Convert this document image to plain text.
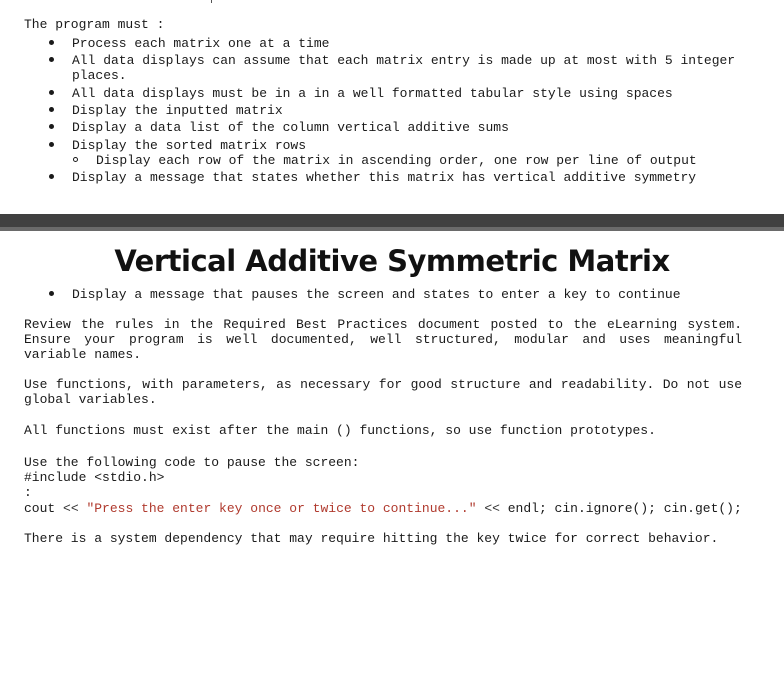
The program must :
Process each matrix one at a time
All data displays can assume that each matrix entry is made up at most with 5 integer
places.
All data displays must be in a in a well formatted tabular style using spaces
Display the inputted matrix
Display a data list of the column vertical additive sums
Display the sorted matrix rows
Display each row of the matrix in ascending order, one row per line of output
Display a message that states whether this matrix has vertical additive symmetry
Vertical Additive Symmetric Matrix
Display a message that pauses the screen and states to enter a key to continue
Review the rules in the Required Best Practices document posted to the eLearning system. Ensure your program is well documented, well structured, modular and uses meaningful variable names.
Use functions, with parameters, as necessary for good structure and readability. Do not use global variables.
All functions must exist after the main () functions, so use function prototypes.
Use the following code to pause the screen:
#include <stdio.h>
:
cout << "Press the enter key once or twice to continue..." << endl; cin.ignore(); cin.get();
There is a system dependency that may require hitting the key twice for correct behavior.
